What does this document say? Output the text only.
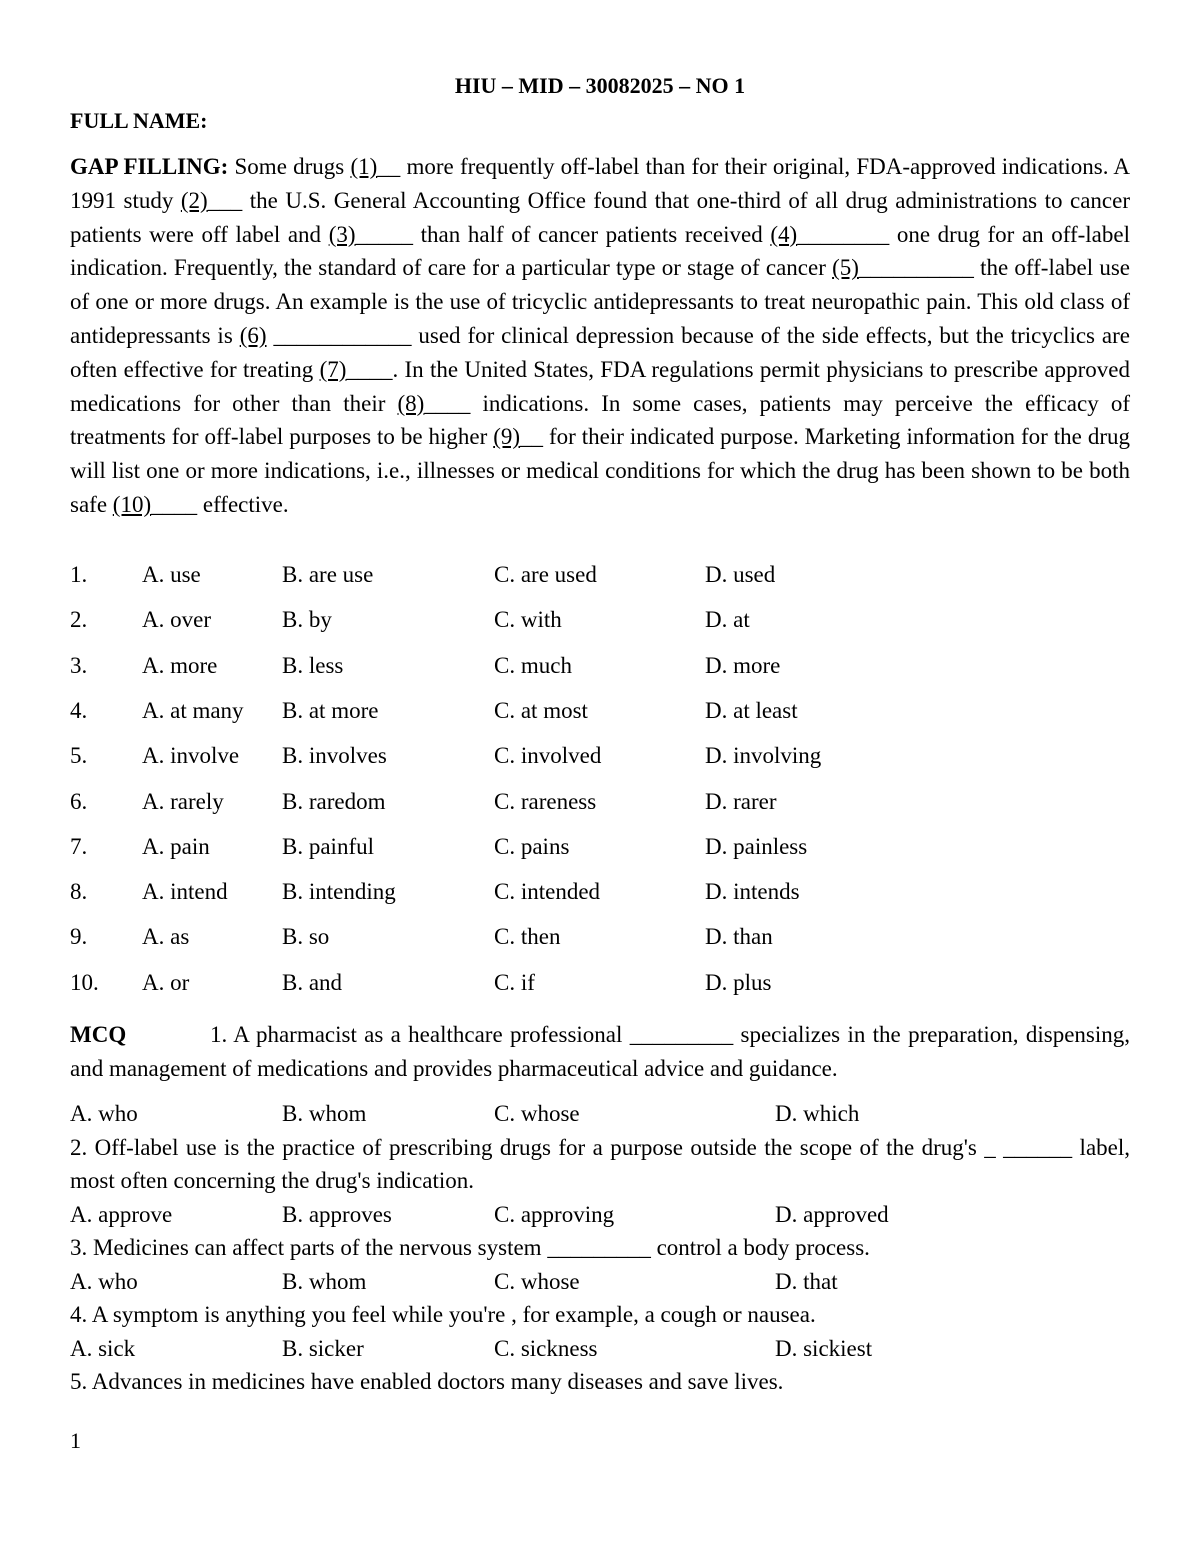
HIU – MID – 30082025 – NO 1
FULL NAME:
GAP FILLING: Some drugs (1)__ more frequently off-label than for their original, FDA-approved indications. A 1991 study (2)___ the U.S. General Accounting Office found that one-third of all drug administrations to cancer patients were off label and (3)_____ than half of cancer patients received (4)________ one drug for an off-label indication. Frequently, the standard of care for a particular type or stage of cancer (5)__________ the off-label use of one or more drugs. An example is the use of tricyclic antidepressants to treat neuropathic pain. This old class of antidepressants is (6) ____________ used for clinical depression because of the side effects, but the tricyclics are often effective for treating (7)____. In the United States, FDA regulations permit physicians to prescribe approved medications for other than their (8)____ indications. In some cases, patients may perceive the efficacy of treatments for off-label purposes to be higher (9)__ for their indicated purpose. Marketing information for the drug will list one or more indications, i.e., illnesses or medical conditions for which the drug has been shown to be both safe (10)____ effective.
1. A. use	B. are use	C. are used	D. used
2. A. over	B. by	C. with	D. at
3. A. more	B. less	C. much	D. more
4. A. at many B. at more	C. at most	D. at least
5. A. involve B. involves	C. involved	D. involving
6. A. rarely	B. raredom	C. rareness	D. rarer
7. A. pain	B. painful	C. pains	D. painless
8. A. intend B. intending	C. intended	D. intends
9. A. as	B. so	C. then	D. than
10. A. or	B. and	C. if	D. plus
MCQ	1. A pharmacist as a healthcare professional _________ specializes in the preparation, dispensing, and management of medications and provides pharmaceutical advice and guidance.
A. who	B. whom	C. whose	D. which
2. Off-label use is the practice of prescribing drugs for a purpose outside the scope of the drug's _ ______ label, most often concerning the drug's indication.
A. approve	B. approves	C. approving	D. approved
3. Medicines can affect parts of the nervous system _________ control a body process.
A. who	B. whom	C. whose	D. that
4. A symptom is anything you feel while you're , for example, a cough or nausea.
A. sick	B. sicker	C. sickness	D. sickiest
5. Advances in medicines have enabled doctors many diseases and save lives.
1
